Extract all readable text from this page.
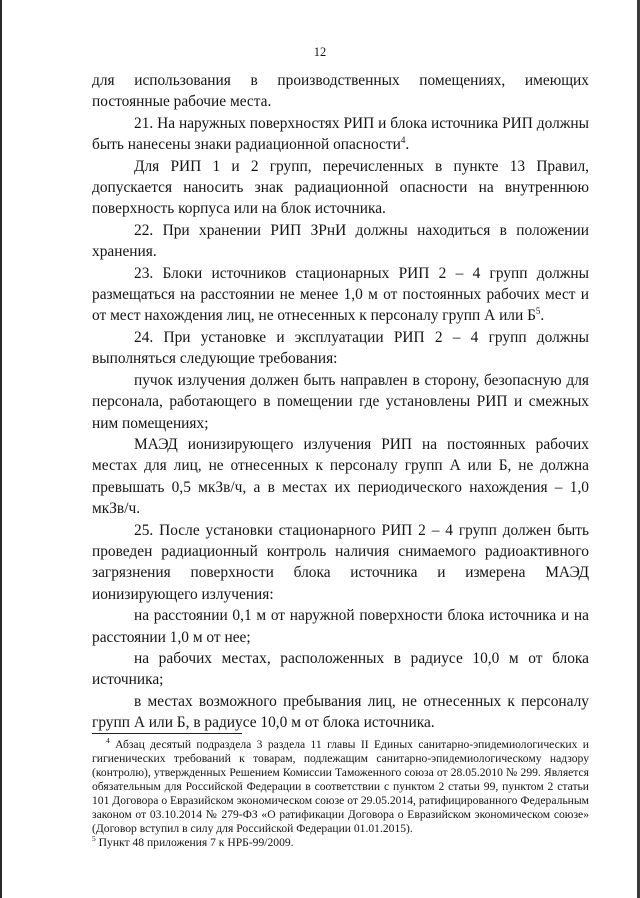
12

для использования в производственных помещениях, имеющих постоянные рабочие места.

21. На наружных поверхностях РИП и блока источника РИП должны быть нанесены знаки радиационной опасности$^4$.

Для РИП 1 и 2 групп, перечисленных в пункте 13 Правил, допускается наносить знак радиационной опасности на внутреннюю поверхность корпуса или на блок источника.

22. При хранении РИП ЗРнИ должны находиться в положении хранения.

23. Блоки источников стационарных РИП 2 – 4 групп должны размещаться на расстоянии не менее 1,0 м от постоянных рабочих мест и от мест нахождения лиц, не отнесенных к персоналу групп А или $Б^5$.

24. При установке и эксплуатации РИП 2 – 4 групп должны выполняться следующие требования:

пучок излучения должен быть направлен в сторону, безопасную для персонала, работающего в помещении где установлены РИП и смежных ним помещениях;

МАЭД ионизирующего излучения РИП на постоянных рабочих местах для лиц, не отнесенных к персоналу групп А или Б, не должна превышать 0,5 мкЗв/ч, а в местах их периодического нахождения – 1,0 мкЗв/ч.

25. После установки стационарного РИП 2 – 4 групп должен быть проведен радиационный контроль наличия снимаемого радиоактивного загрязнения поверхности блока источника и измерена МАЭД ионизирующего излучения:

на расстоянии 0,1 м от наружной поверхности блока источника и на расстоянии 1,0 м от нее;

на рабочих местах, расположенных в радиусе 10,0 м от блока источника;

в местах возможного пребывания лиц, не отнесенных к персоналу групп А или Б, в радиусе 10,0 м от блока источника.

$^4$ Абзац десятый подраздела 3 раздела 11 главы II Единых санитарно-эпидемиологических и гигиенических требований к товарам, подлежащим санитарно-эпидемиологическому надзору (контролю), утвержденных Решением Комиссии Таможенного союза от 28.05.2010 № 299. Является обязательным для Российской Федерации в соответствии с пунктом 2 статьи 99, пунктом 2 статьи 101 Договора о Евразийском экономическом союзе от 29.05.2014, ратифицированного Федеральным законом от 03.10.2014 № 279-ФЗ «О ратификации Договора о Евразийском экономическом союзе» (Договор вступил в силу для Российской Федерации 01.01.2015).

$^5$ Пункт 48 приложения 7 к НРБ-99/2009.
